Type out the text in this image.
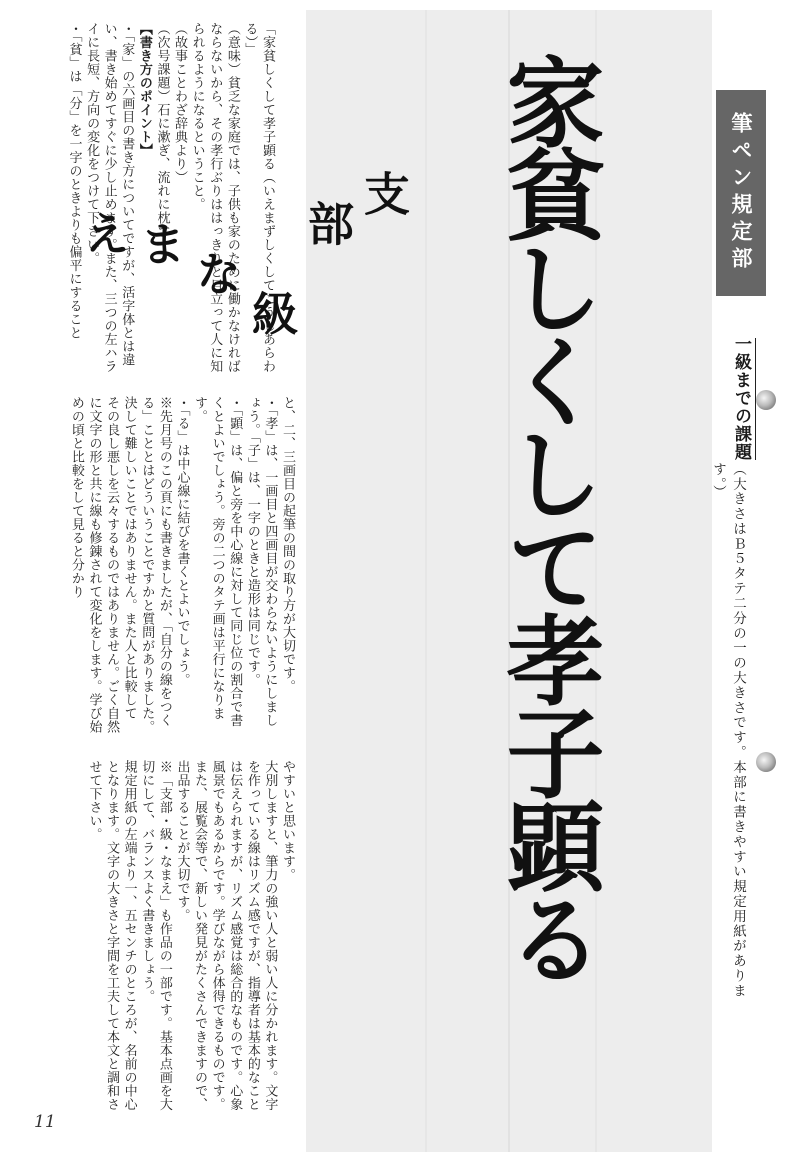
「家貧しくして孝子顕る（いえまずしくしてこうしあらわる）」
（意味）貧乏な家庭では、子供も家のために働かなければならないから、その孝行ぶりははっきりと目立って人に知られるようになるということ。
（故事ことわざ辞典より）
（次号課題）石に漱ぎ、流れに枕す
【書き方のポイント】
・「家」の六画目の書き方についてですが、活字体とは違い、書き始めてすぐに少し止めます。また、三つの左ハライに長短、方向の変化をつけて下さい。
・「貧」は「分」を一字のときよりも偏平にすること
と、二、三画目の起筆の間の取り方が大切です。
・「孝」は、一画目と四画目が交わらないようにしましょう。「子」は、一字のときと造形は同じです。
・「顕」は、偏と旁を中心線に対して同じ位の割合で書くとよいでしょう。旁の二つのタテ画は平行になります。
・「る」は中心線に結びを書くとよいでしょう。
※先月号のこの頁にも書きましたが、「自分の線をつくる」こととはどういうことですかと質問がありました。決して難しいことではありません。また人と比較して その良し悪しを云々するものではありません。ごく自然に文字の形と共に線も修錬されて変化をします。学び始めの頃と比較をして見ると分かり
やすいと思います。
大別しますと、筆力の強い人と弱い人に分かれます。文字を作っている線はリズム感ですが、指導者は基本的なことは伝えられますが、リズム感覚は総合的なものです。心象風景でもあるからです。学びながら体得できるものです。また、展覧会等で、新しい発見がたくさんできますので、出品することが大切です。
※「支部・級・なまえ」も作品の一部です。基本点画を大切にして、バランスよく書きましょう。
規定用紙の左端より一、五センチのところが、名前の中心となります。文字の大きさと字間を工夫して本文と調和させて下さい。	家貧しくして孝子顕る
支
部
級
な
ま
え	筆ペン規定部
一級までの課題
（大きさはＢ５タテ二分の一の大きさです。本部に書きやすい規定用紙があります。）
11
